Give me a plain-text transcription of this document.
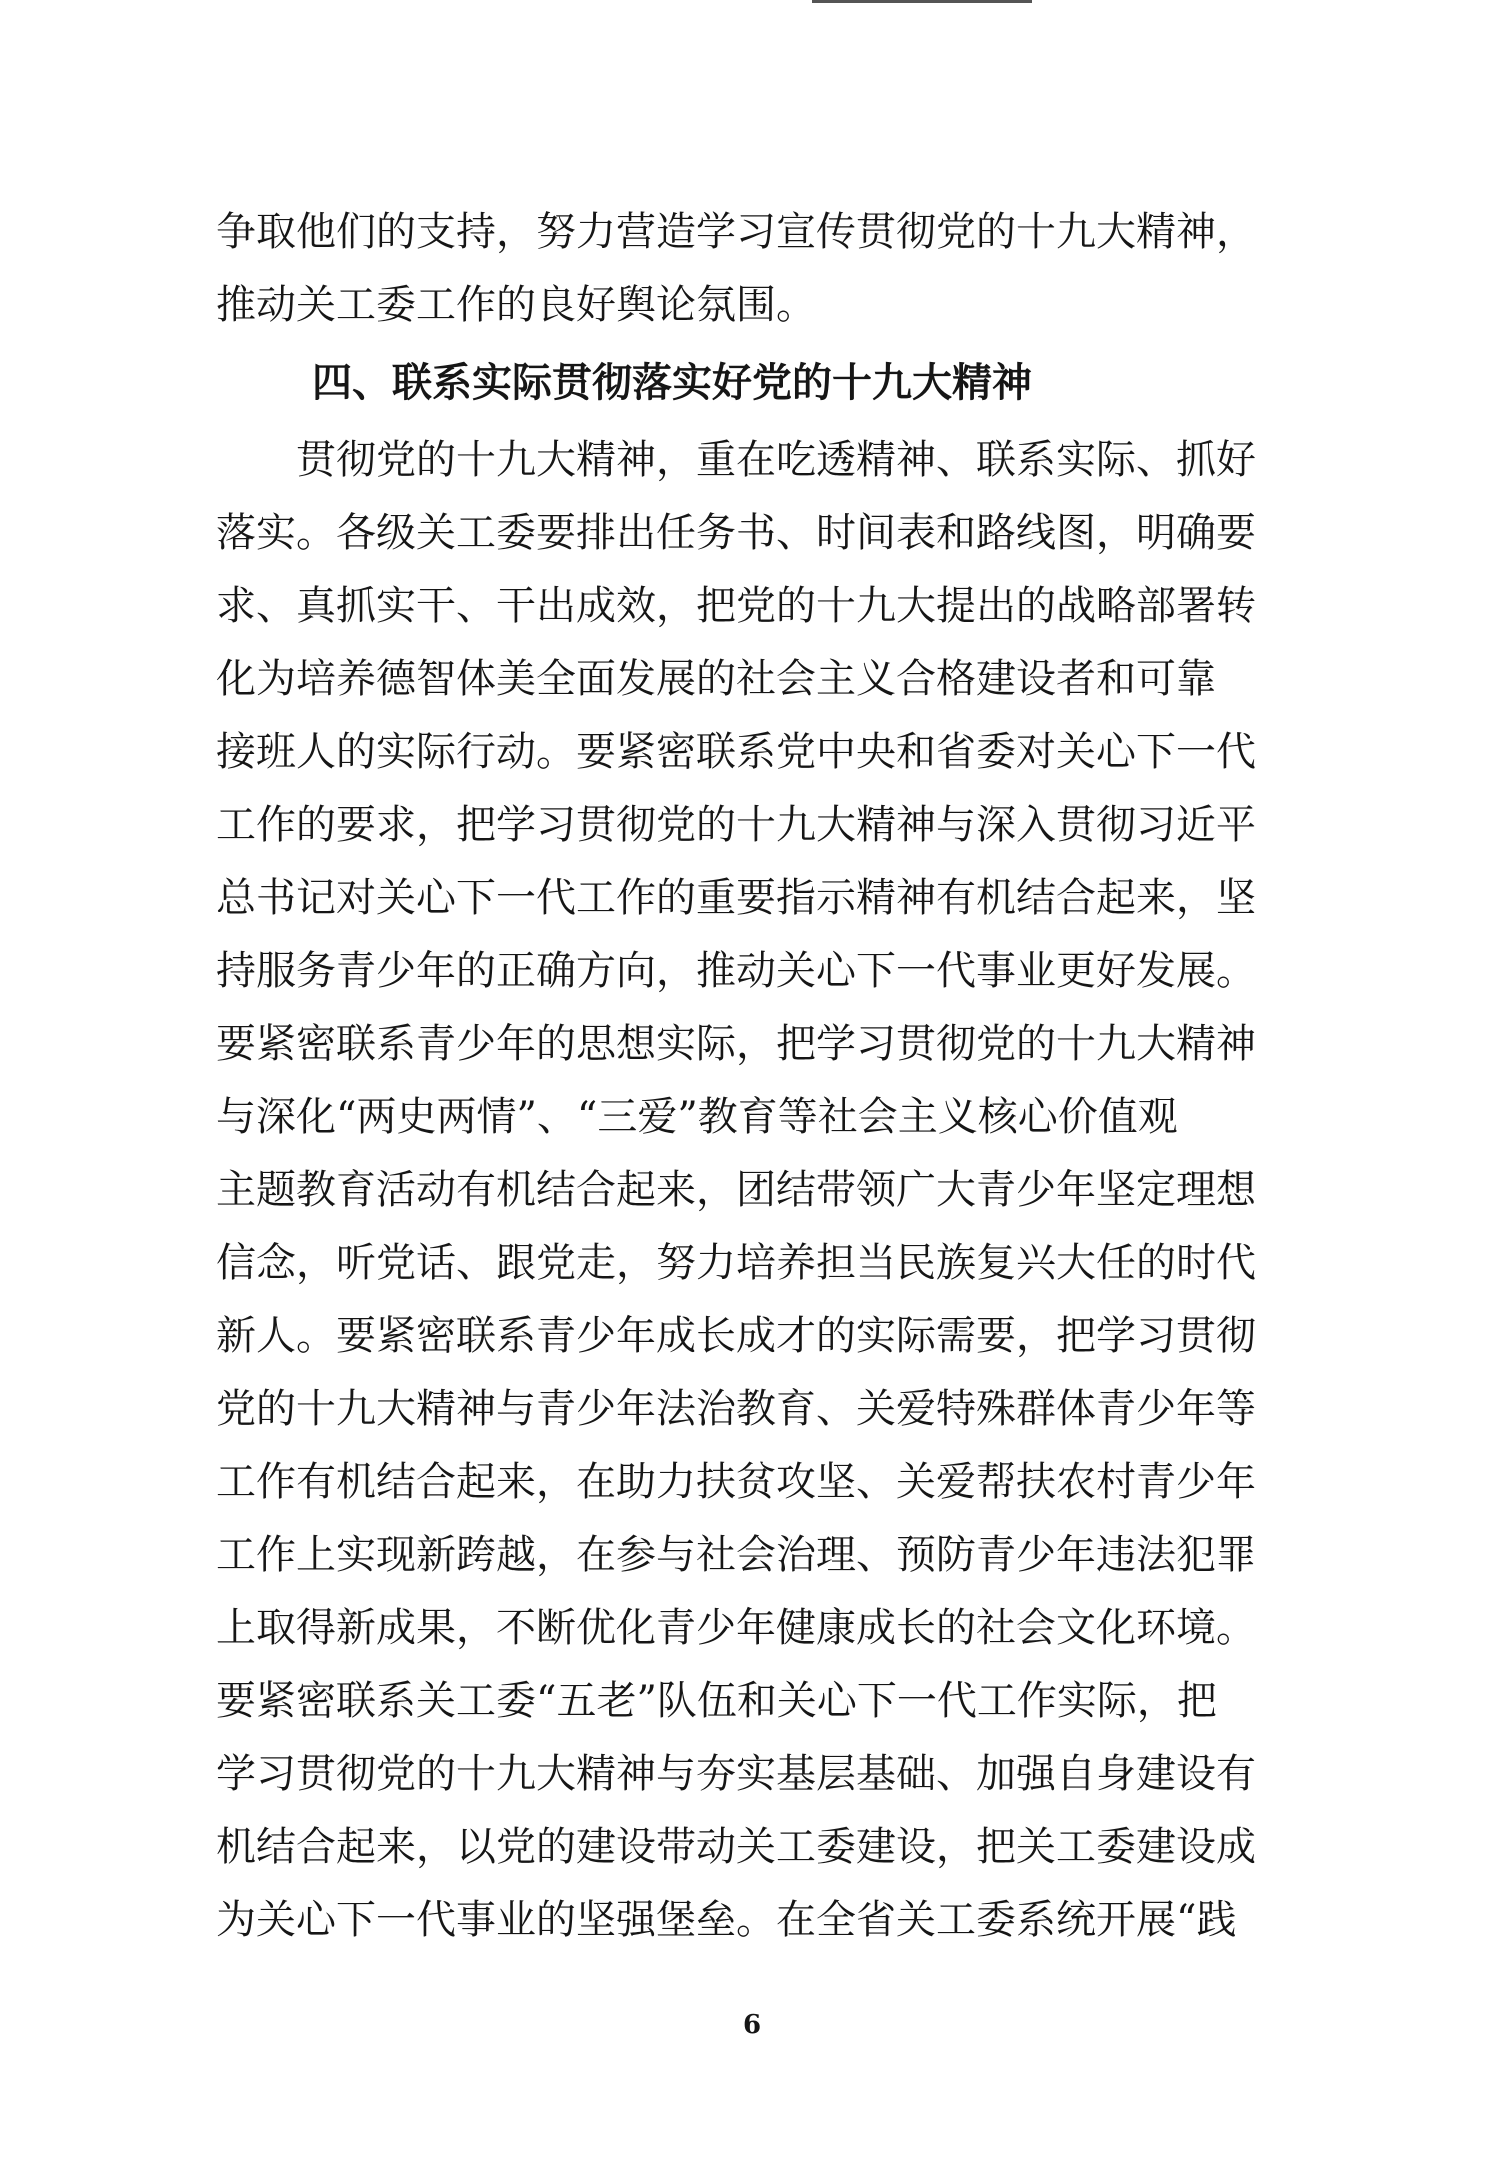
争取他们的支持，努力营造学习宣传贯彻党的十九大精神，
推动关工委工作的良好舆论氛围。
四、联系实际贯彻落实好党的十九大精神
　　贯彻党的十九大精神，重在吃透精神、联系实际、抓好
落实。各级关工委要排出任务书、时间表和路线图，明确要
求、真抓实干、干出成效，把党的十九大提出的战略部署转
化为培养德智体美全面发展的社会主义合格建设者和可靠
接班人的实际行动。要紧密联系党中央和省委对关心下一代
工作的要求，把学习贯彻党的十九大精神与深入贯彻习近平
总书记对关心下一代工作的重要指示精神有机结合起来，坚
持服务青少年的正确方向，推动关心下一代事业更好发展。
要紧密联系青少年的思想实际，把学习贯彻党的十九大精神
与深化“两史两情”、“三爱”教育等社会主义核心价值观
主题教育活动有机结合起来，团结带领广大青少年坚定理想
信念，听党话、跟党走，努力培养担当民族复兴大任的时代
新人。要紧密联系青少年成长成才的实际需要，把学习贯彻
党的十九大精神与青少年法治教育、关爱特殊群体青少年等
工作有机结合起来，在助力扶贫攻坚、关爱帮扶农村青少年
工作上实现新跨越，在参与社会治理、预防青少年违法犯罪
上取得新成果，不断优化青少年健康成长的社会文化环境。
要紧密联系关工委“五老”队伍和关心下一代工作实际，把
学习贯彻党的十九大精神与夯实基层基础、加强自身建设有
机结合起来，以党的建设带动关工委建设，把关工委建设成
为关心下一代事业的坚强堡垒。在全省关工委系统开展“践
6
